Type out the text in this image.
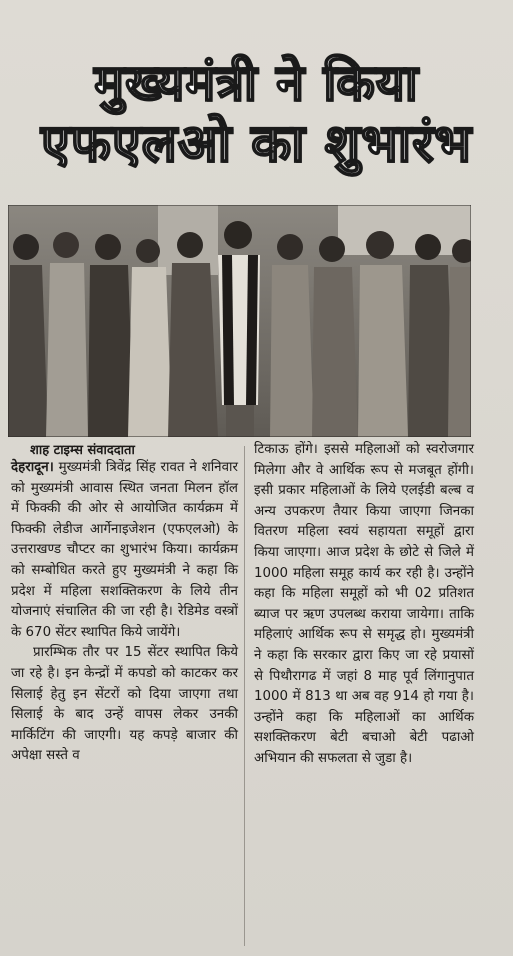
मुख्यमंत्री ने किया
एफएलओ का शुभारंभ
शाह टाइम्स संवाददाता

देहरादून। मुख्यमंत्री त्रिवेंद्र सिंह रावत ने शनिवार को मुख्यमंत्री आवास स्थित जनता मिलन हॉल में फिक्की की ओर से आयोजित कार्यक्रम में फिक्की लेडीज आर्गेनाइजेशन (एफएलओ) के उत्तराखण्ड चौप्टर का शुभारंभ किया। कार्यक्रम को सम्बोधित करते हुए मुख्यमंत्री ने कहा कि प्रदेश में महिला सशक्तिकरण के लिये तीन योजनाएं संचालित की जा रही है। रेडिमेड वस्त्रों के 670 सेंटर स्थापित किये जायेंगे।

प्रारम्भिक तौर पर 15 सेंटर स्थापित किये जा रहे है। इन केन्द्रों में कपडो को काटकर कर सिलाई हेतु इन सेंटरों को दिया जाएगा तथा सिलाई के बाद उन्हें वापस लेकर उनकी मार्किटिंग की जाएगी। यह कपड़े बाजार की अपेक्षा सस्ते व

टिकाऊ होंगे। इससे महिलाओं को स्वरोजगार मिलेगा और वे आर्थिक रूप से मजबूत होंगी। इसी प्रकार महिलाओं के लिये एलईडी बल्ब व अन्य उपकरण तैयार किया जाएगा जिनका वितरण महिला स्वयं सहायता समूहों द्वारा किया जाएगा। आज प्रदेश के छोटे से जिले में 1000 महिला समूह कार्य कर रही है। उन्होंने कहा कि महिला समूहों को भी 02 प्रतिशत ब्याज पर ऋण उपलब्ध कराया जायेगा। ताकि महिलाएं आर्थिक रूप से समृद्ध हो। मुख्यमंत्री ने कहा कि सरकार द्वारा किए जा रहे प्रयासों से पिथौरागढ में जहां 8 माह पूर्व लिंगानुपात 1000 में 813 था अब वह 914 हो गया है। उन्होंने कहा कि महिलाओं का आर्थिक सशक्तिकरण बेटी बचाओ बेटी पढाओ अभियान की सफलता से जुडा है।
